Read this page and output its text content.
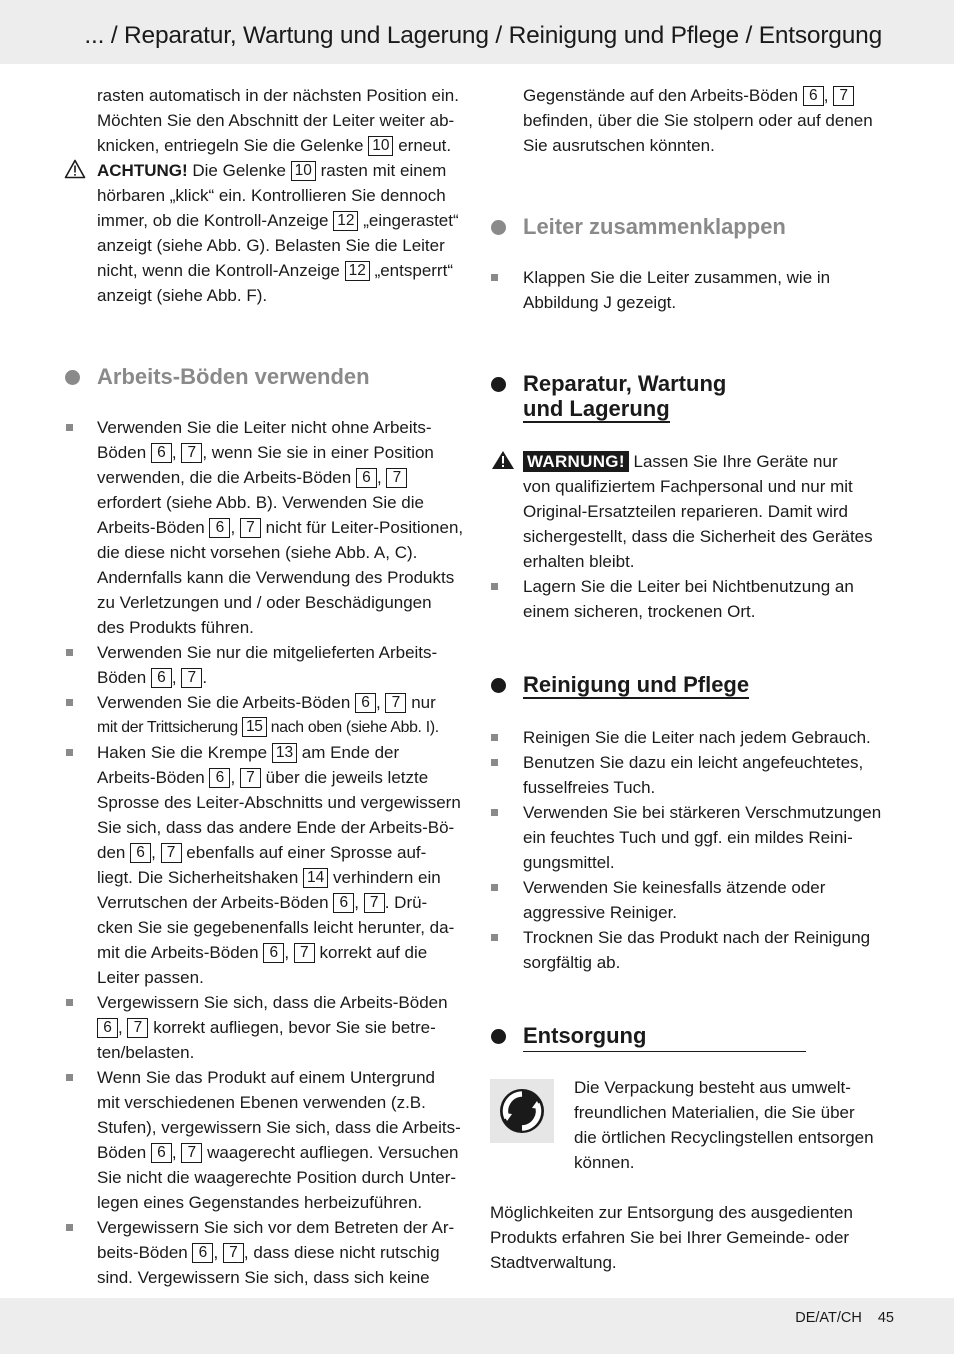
... / Reparatur, Wartung und Lagerung / Reinigung und Pflege / Entsorgung
rasten automatisch in der nächsten Position ein.
Möchten Sie den Abschnitt der Leiter weiter ab-
knicken, entriegeln Sie die Gelenke 10 erneut.
ACHTUNG! Die Gelenke 10 rasten mit einem
hörbaren „klick“ ein. Kontrollieren Sie dennoch
immer, ob die Kontroll-Anzeige 12 „eingerastet“
anzeigt (siehe Abb. G). Belasten Sie die Leiter
nicht, wenn die Kontroll-Anzeige 12 „entsperrt“
anzeigt (siehe Abb. F).
Arbeits-Böden verwenden
Verwenden Sie die Leiter nicht ohne Arbeits-
Böden 6 , 7 , wenn Sie sie in einer Position
verwenden, die die Arbeits-Böden 6 , 7
erfordert (siehe Abb. B). Verwenden Sie die
Arbeits-Böden 6 , 7 nicht für Leiter-Positionen,
die diese nicht vorsehen (siehe Abb. A, C).
Andernfalls kann die Verwendung des Produkts
zu Verletzungen und / oder Beschädigungen
des Produkts führen.
Verwenden Sie nur die mitgelieferten Arbeits-
Böden 6 , 7 .
Verwenden Sie die Arbeits-Böden 6 , 7 nur
mit der Trittsicherung 15 nach oben (siehe Abb. I).
Haken Sie die Krempe 13 am Ende der
Arbeits-Böden 6 , 7 über die jeweils letzte
Sprosse des Leiter-Abschnitts und vergewissern
Sie sich, dass das andere Ende der Arbeits-Bö-
den 6 , 7 ebenfalls auf einer Sprosse auf-
liegt. Die Sicherheitshaken 14 verhindern ein
Verrutschen der Arbeits-Böden 6 , 7 . Drü-
cken Sie sie gegebenenfalls leicht herunter, da-
mit die Arbeits-Böden 6 , 7 korrekt auf die
Leiter passen.
Vergewissern Sie sich, dass die Arbeits-Böden
6 , 7 korrekt aufliegen, bevor Sie sie betre-
ten/belasten.
Wenn Sie das Produkt auf einem Untergrund
mit verschiedenen Ebenen verwenden (z.B.
Stufen), vergewissern Sie sich, dass die Arbeits-
Böden 6 , 7 waagerecht aufliegen. Versuchen
Sie nicht die waagerechte Position durch Unter-
legen eines Gegenstandes herbeizuführen.
Vergewissern Sie sich vor dem Betreten der Ar-
beits-Böden 6 , 7 , dass diese nicht rutschig
sind. Vergewissern Sie sich, dass sich keine
Gegenstände auf den Arbeits-Böden 6 , 7
befinden, über die Sie stolpern oder auf denen
Sie ausrutschen könnten.
Leiter zusammenklappen
Klappen Sie die Leiter zusammen, wie in
Abbildung J gezeigt.
Reparatur, Wartung
und Lagerung
WARNUNG! Lassen Sie Ihre Geräte nur
von qualifiziertem Fachpersonal und nur mit
Original-Ersatzteilen reparieren. Damit wird
sichergestellt, dass die Sicherheit des Gerätes
erhalten bleibt.
Lagern Sie die Leiter bei Nichtbenutzung an
einem sicheren, trockenen Ort.
Reinigung und Pflege
Reinigen Sie die Leiter nach jedem Gebrauch.
Benutzen Sie dazu ein leicht angefeuchtetes,
fusselfreies Tuch.
Verwenden Sie bei stärkeren Verschmutzungen
ein feuchtes Tuch und ggf. ein mildes Reini-
gungsmittel.
Verwenden Sie keinesfalls ätzende oder
aggressive Reiniger.
Trocknen Sie das Produkt nach der Reinigung
sorgfältig ab.
Entsorgung
Die Verpackung besteht aus umwelt-
freundlichen Materialien, die Sie über
die örtlichen Recyclingstellen entsorgen
können.
Möglichkeiten zur Entsorgung des ausgedienten
Produkts erfahren Sie bei Ihrer Gemeinde- oder
Stadtverwaltung.
DE/AT/CH 45
